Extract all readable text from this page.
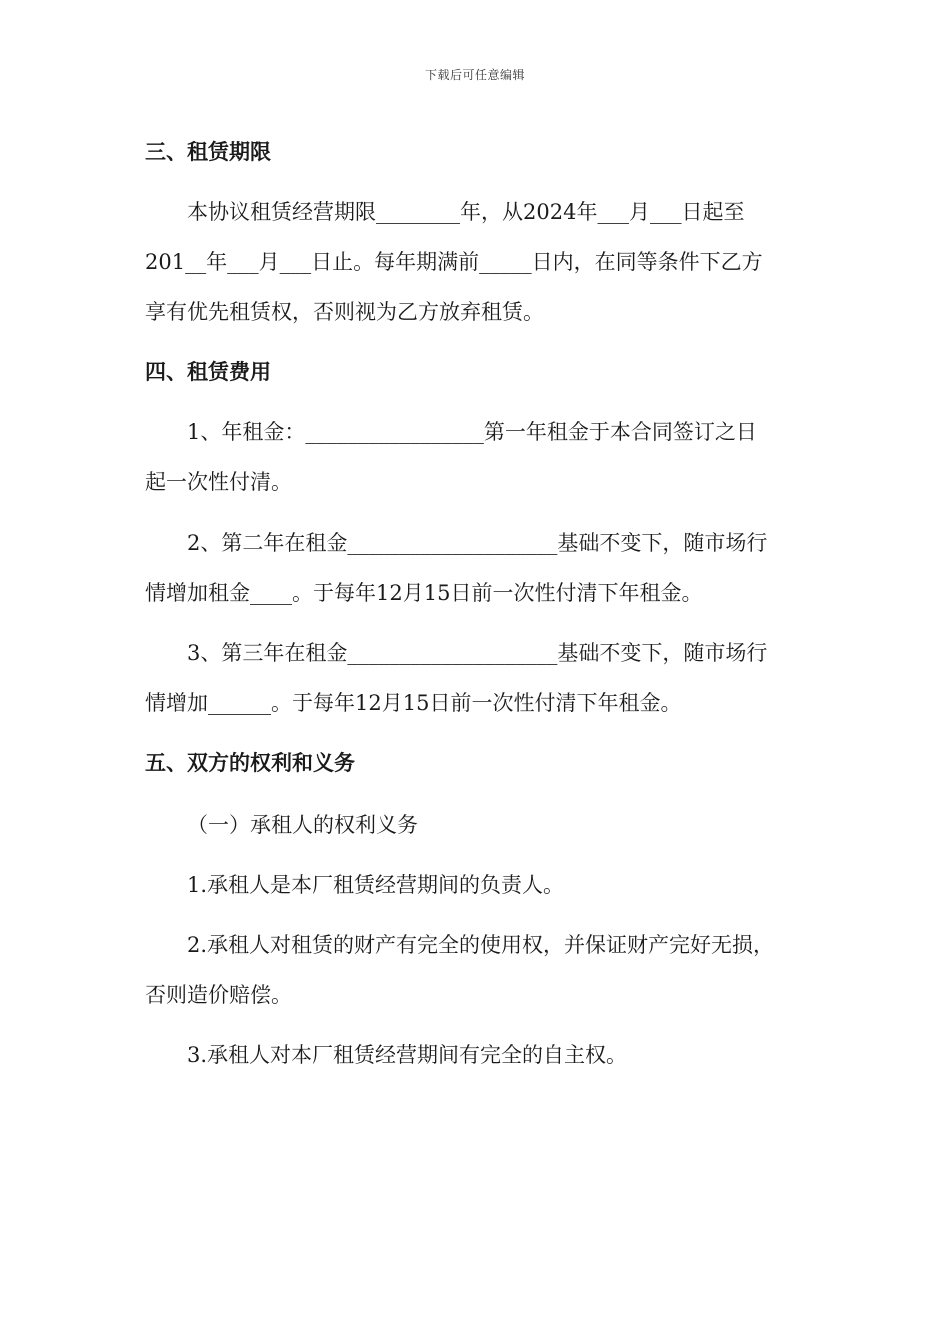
下载后可任意编辑
三、租赁期限
本协议租赁经营期限________年，从2024年___月___日起至
201__年___月___日止。每年期满前_____日内，在同等条件下乙方
享有优先租赁权，否则视为乙方放弃租赁。
四、租赁费用
1、年租金：_________________第一年租金于本合同签订之日
起一次性付清。
2、第二年在租金____________________基础不变下，随市场行
情增加租金____。于每年12月15日前一次性付清下年租金。
3、第三年在租金____________________基础不变下，随市场行
情增加______。于每年12月15日前一次性付清下年租金。
五、双方的权利和义务
（一）承租人的权利义务
1.承租人是本厂租赁经营期间的负责人。
2.承租人对租赁的财产有完全的使用权，并保证财产完好无损，
否则造价赔偿。
3.承租人对本厂租赁经营期间有完全的自主权。
